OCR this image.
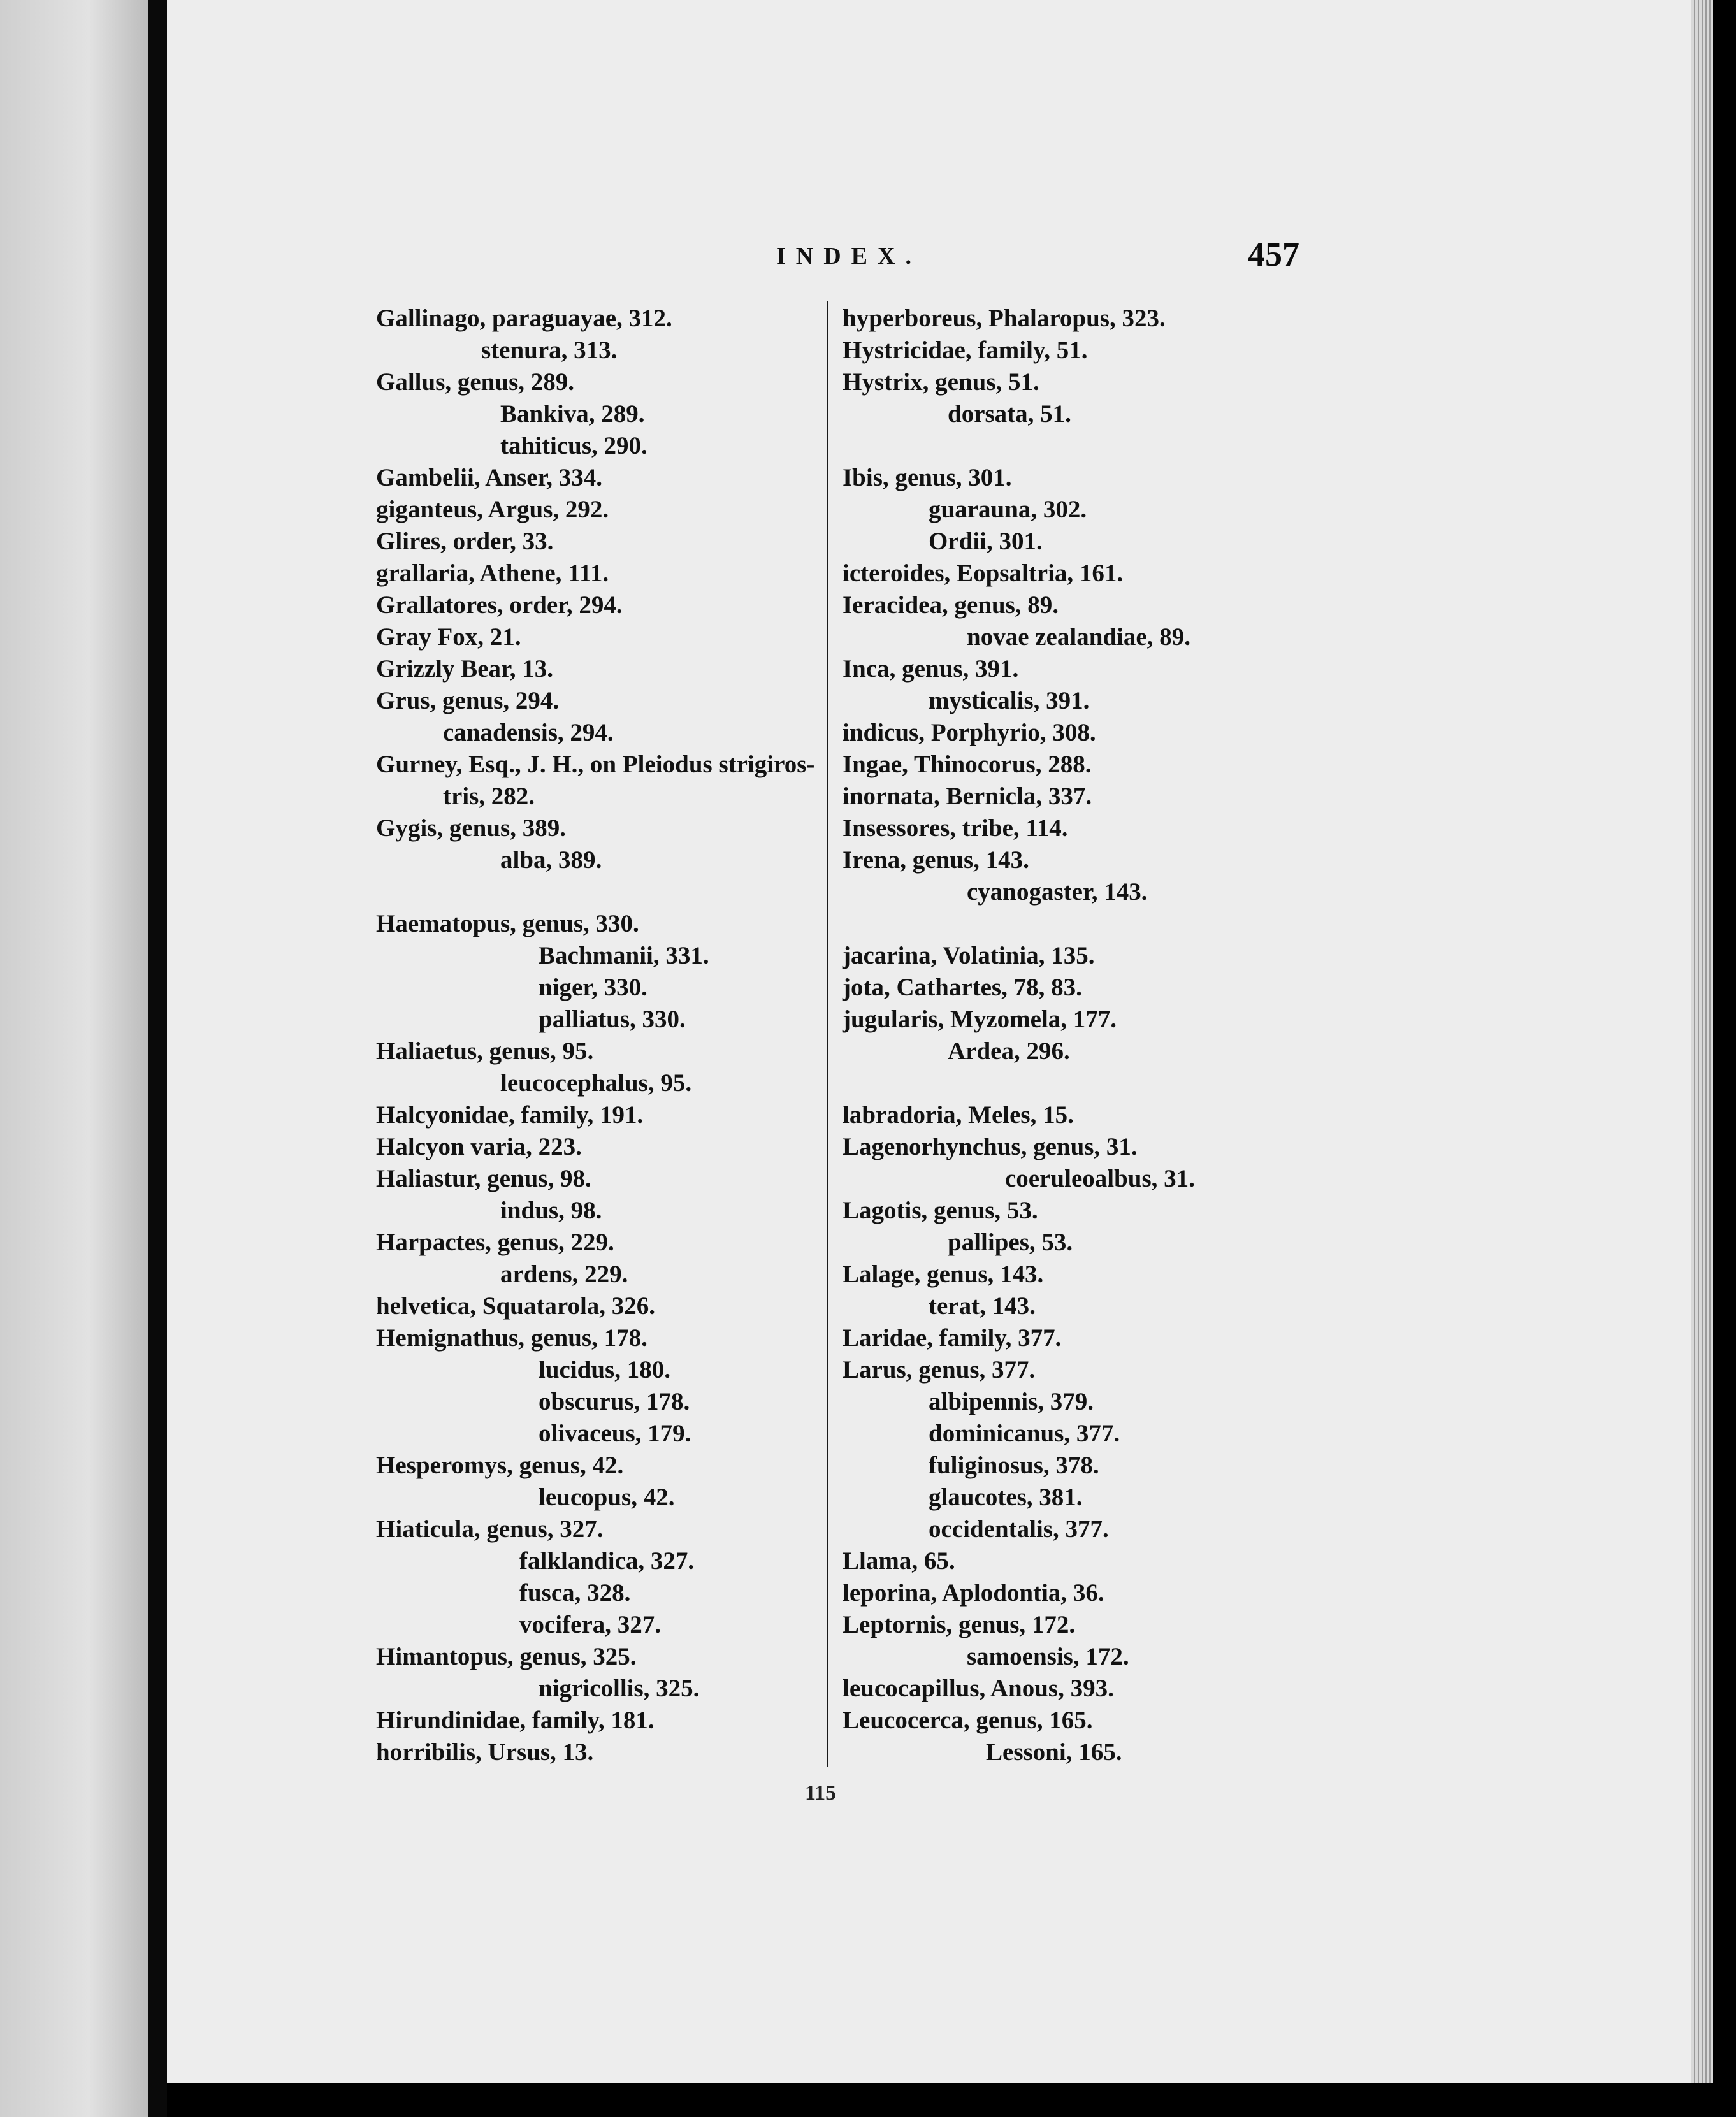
INDEX.	457
Gallinago, paraguayae, 312.
stenura, 313.
Gallus, genus, 289.
Bankiva, 289.
tahiticus, 290.
Gambelii, Anser, 334.
giganteus, Argus, 292.
Glires, order, 33.
grallaria, Athene, 111.
Grallatores, order, 294.
Gray Fox, 21.
Grizzly Bear, 13.
Grus, genus, 294.
canadensis, 294.
Gurney, Esq., J. H., on Pleiodus strigiros-
tris, 282.
Gygis, genus, 389.
alba, 389.
Haematopus, genus, 330.
Bachmanii, 331.
niger, 330.
palliatus, 330.
Haliaetus, genus, 95.
leucocephalus, 95.
Halcyonidae, family, 191.
Halcyon varia, 223.
Haliastur, genus, 98.
indus, 98.
Harpactes, genus, 229.
ardens, 229.
helvetica, Squatarola, 326.
Hemignathus, genus, 178.
lucidus, 180.
obscurus, 178.
olivaceus, 179.
Hesperomys, genus, 42.
leucopus, 42.
Hiaticula, genus, 327.
falklandica, 327.
fusca, 328.
vocifera, 327.
Himantopus, genus, 325.
nigricollis, 325.
Hirundinidae, family, 181.
horribilis, Ursus, 13.
hyperboreus, Phalaropus, 323.
Hystricidae, family, 51.
Hystrix, genus, 51.
dorsata, 51.
Ibis, genus, 301.
guarauna, 302.
Ordii, 301.
icteroides, Eopsaltria, 161.
Ieracidea, genus, 89.
novae zealandiae, 89.
Inca, genus, 391.
mysticalis, 391.
indicus, Porphyrio, 308.
Ingae, Thinocorus, 288.
inornata, Bernicla, 337.
Insessores, tribe, 114.
Irena, genus, 143.
cyanogaster, 143.
jacarina, Volatinia, 135.
jota, Cathartes, 78, 83.
jugularis, Myzomela, 177.
Ardea, 296.
labradoria, Meles, 15.
Lagenorhynchus, genus, 31.
coeruleoalbus, 31.
Lagotis, genus, 53.
pallipes, 53.
Lalage, genus, 143.
terat, 143.
Laridae, family, 377.
Larus, genus, 377.
albipennis, 379.
dominicanus, 377.
fuliginosus, 378.
glaucotes, 381.
occidentalis, 377.
Llama, 65.
leporina, Aplodontia, 36.
Leptornis, genus, 172.
samoensis, 172.
leucocapillus, Anous, 393.
Leucocerca, genus, 165.
Lessoni, 165.
115
